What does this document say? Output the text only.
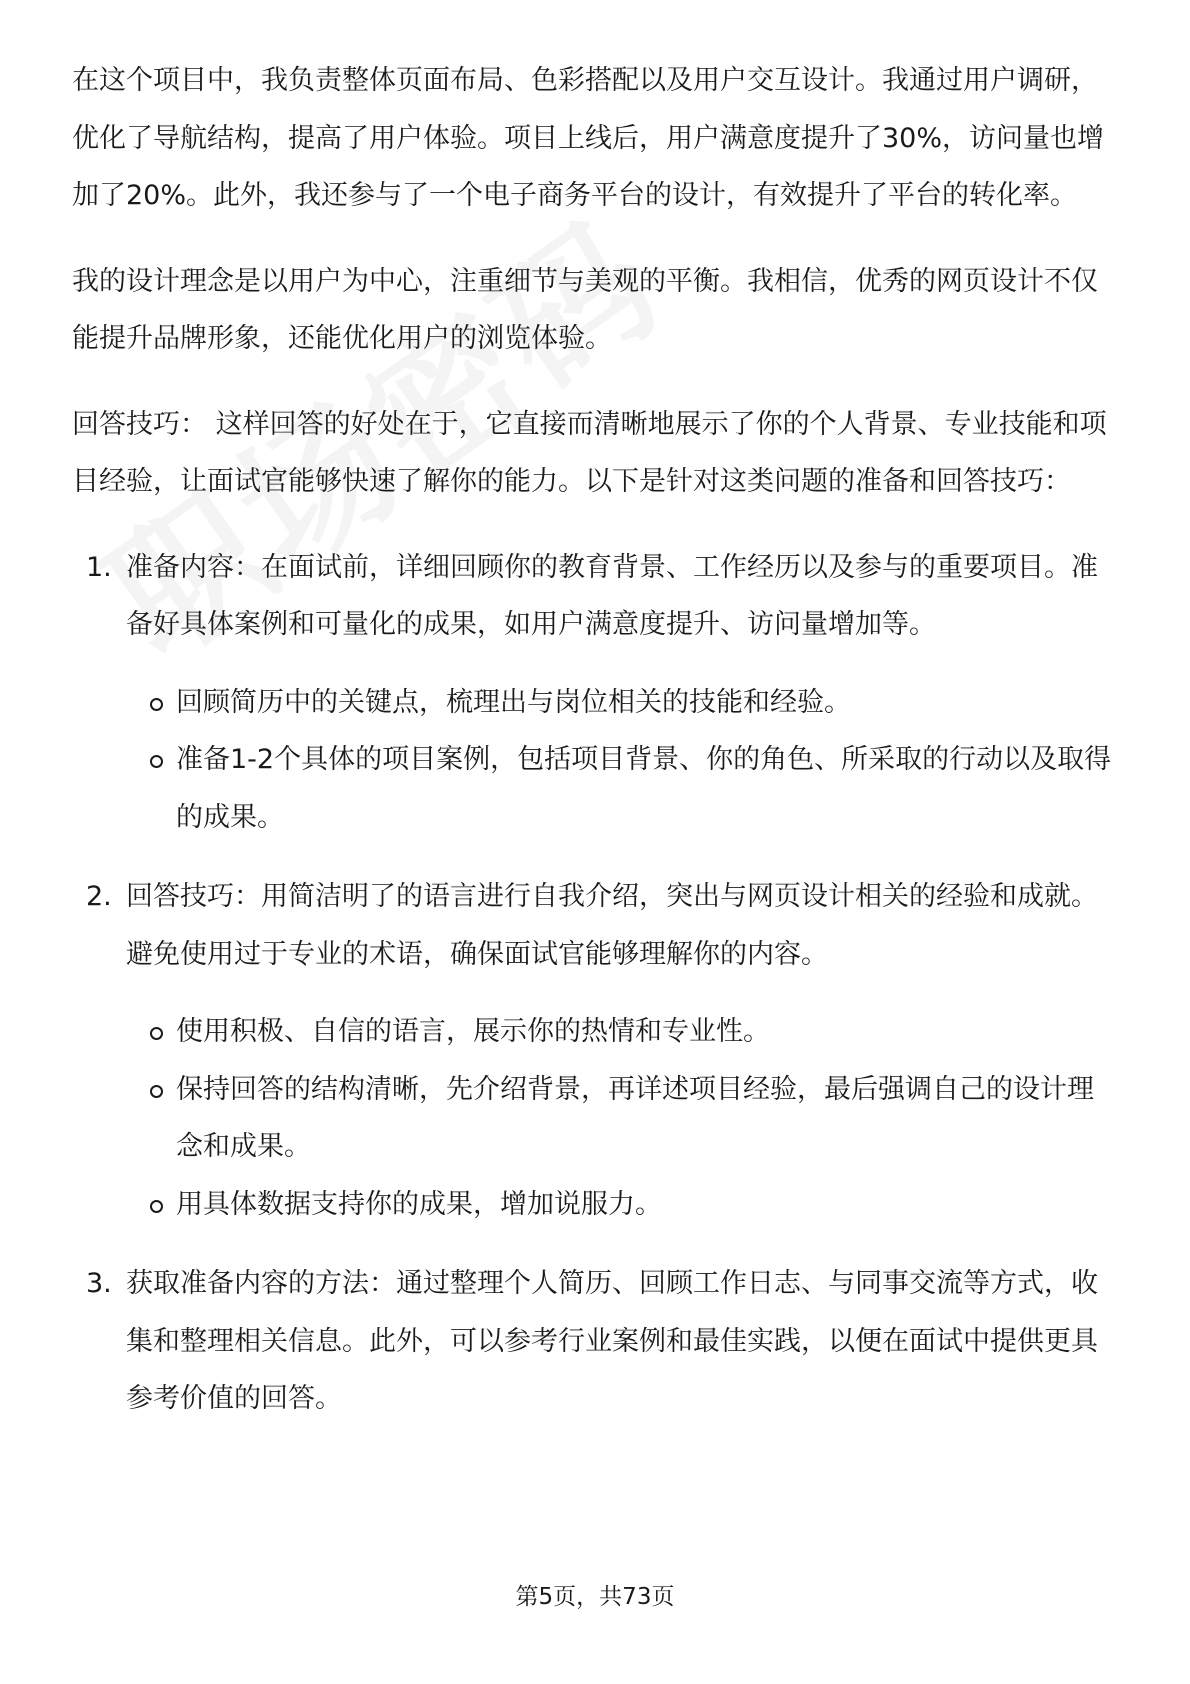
在这个项目中，我负责整体页面布局、色彩搭配以及用户交互设计。我通过用户调研，优化了导航结构，提高了用户体验。项目上线后，用户满意度提升了30%，访问量也增加了20%。此外，我还参与了一个电子商务平台的设计，有效提升了平台的转化率。

我的设计理念是以用户为中心，注重细节与美观的平衡。我相信，优秀的网页设计不仅能提升品牌形象，还能优化用户的浏览体验。

回答技巧： 这样回答的好处在于，它直接而清晰地展示了你的个人背景、专业技能和项目经验，让面试官能够快速了解你的能力。以下是针对这类问题的准备和回答技巧：

1. 准备内容：在面试前，详细回顾你的教育背景、工作经历以及参与的重要项目。准备好具体案例和可量化的成果，如用户满意度提升、访问量增加等。
回顾简历中的关键点，梳理出与岗位相关的技能和经验。
准备1-2个具体的项目案例，包括项目背景、你的角色、所采取的行动以及取得的成果。
2. 回答技巧：用简洁明了的语言进行自我介绍，突出与网页设计相关的经验和成就。避免使用过于专业的术语，确保面试官能够理解你的内容。
使用积极、自信的语言，展示你的热情和专业性。
保持回答的结构清晰，先介绍背景，再详述项目经验，最后强调自己的设计理念和成果。
用具体数据支持你的成果，增加说服力。
3. 获取准备内容的方法：通过整理个人简历、回顾工作日志、与同事交流等方式，收集和整理相关信息。此外，可以参考行业案例和最佳实践，以便在面试中提供更具参考价值的回答。
第5页，共73页
